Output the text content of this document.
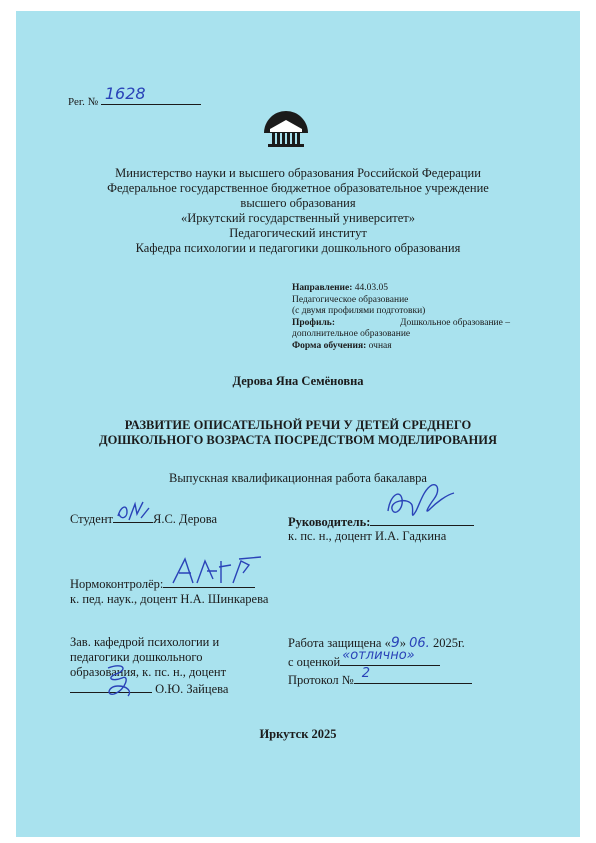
Рег. № 1628
Министерство науки и высшего образования Российской Федерации
Федеральное государственное бюджетное образовательное учреждение
высшего образования
«Иркутский государственный университет»
Педагогический институт
Кафедра психологии и педагогики дошкольного образования
Направление: 44.03.05
Педагогическое образование
(с двумя профилями подготовки)
Профиль:	Дошкольное образование –
дополнительное образование
Форма обучения: очная
Дерова Яна Семёновна
РАЗВИТИЕ ОПИСАТЕЛЬНОЙ РЕЧИ У ДЕТЕЙ СРЕДНЕГО
ДОШКОЛЬНОГО ВОЗРАСТА ПОСРЕДСТВОМ МОДЕЛИРОВАНИЯ
Выпускная квалификационная работа бакалавра
Студент	Я.С. Дерова	Руководитель:
к. пс. н., доцент И.А. Гадкина
Нормоконтролёр:
к. пед. наук., доцент Н.А. Шинкарева
Зав. кафедрой психологии и
педагогики дошкольного
образования, к. пс. н., доцент
О.Ю. Зайцева
Работа защищена «9» 06. 2025г.
с оценкой «отлично»
Протокол № 2
Иркутск 2025
